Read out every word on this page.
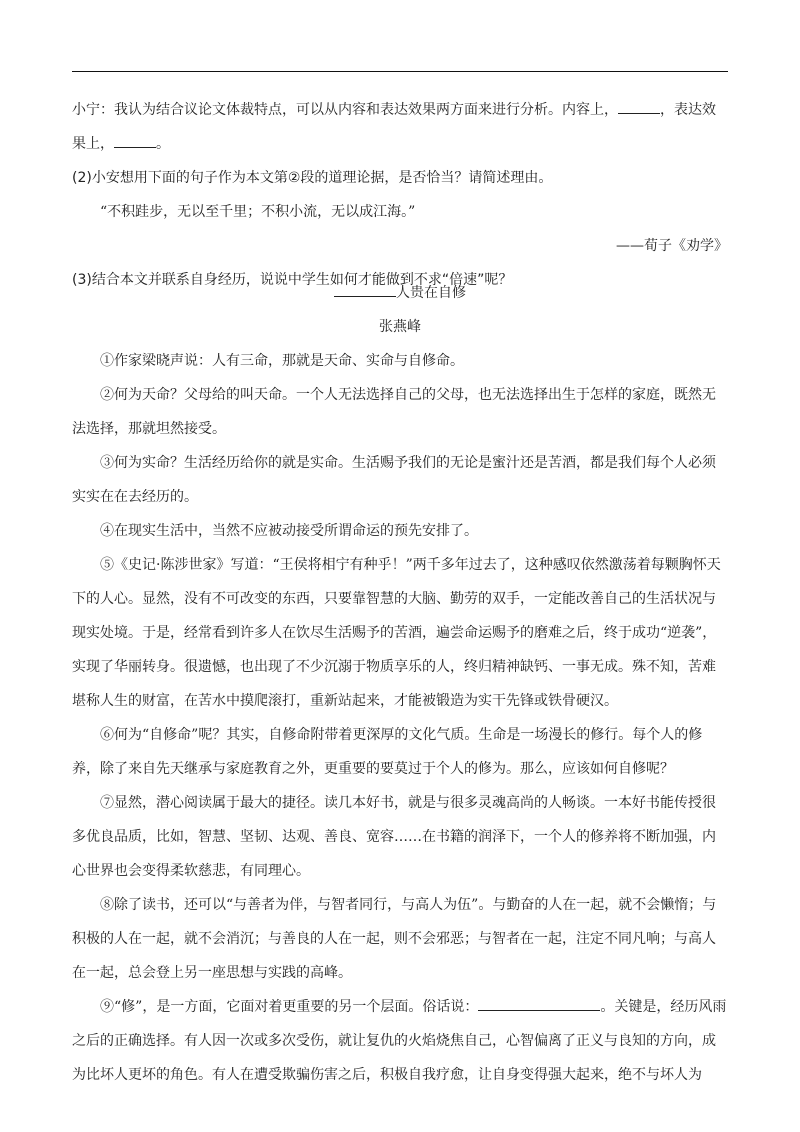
小宁：我认为结合议论文体裁特点，可以从内容和表达效果两方面来进行分析。内容上，	，表达效
果上，	。

(2)小安想用下面的句子作为本文第②段的道理论据，是否恰当？请简述理由。

“不积跬步，无以至千里；不积小流，无以成江海。”

——荀子《劝学》

(3)结合本文并联系自身经历，说说中学生如何才能做到不求“倍速”呢？

人贵在自修

张燕峰

①作家梁晓声说：人有三命，那就是天命、实命与自修命。

②何为天命？父母给的叫天命。一个人无法选择自己的父母，也无法选择出生于怎样的家庭，既然无法选择，那就坦然接受。

③何为实命？生活经历给你的就是实命。生活赐予我们的无论是蜜汁还是苦酒，都是我们每个人必须实实在在去经历的。

④在现实生活中，当然不应被动接受所谓命运的预先安排了。

⑤《史记·陈涉世家》写道：“王侯将相宁有种乎！”两千多年过去了，这种感叹依然激荡着每颗胸怀天下的人心。显然，没有不可改变的东西，只要靠智慧的大脑、勤劳的双手，一定能改善自己的生活状况与现实处境。于是，经常看到许多人在饮尽生活赐予的苦酒，遍尝命运赐予的磨难之后，终于成功“逆袭”，实现了华丽转身。很遗憾，也出现了不少沉溺于物质享乐的人，终归精神缺钙、一事无成。殊不知，苦难堪称人生的财富，在苦水中摸爬滚打，重新站起来，才能被锻造为实干先锋或铁骨硬汉。

⑥何为“自修命”呢？其实，自修命附带着更深厚的文化气质。生命是一场漫长的修行。每个人的修养，除了来自先天继承与家庭教育之外，更重要的要莫过于个人的修为。那么，应该如何自修呢？

⑦显然，潜心阅读属于最大的捷径。读几本好书，就是与很多灵魂高尚的人畅谈。一本好书能传授很多优良品质，比如，智慧、坚韧、达观、善良、宽容……在书籍的润泽下，一个人的修养将不断加强，内心世界也会变得柔软慈悲，有同理心。

⑧除了读书，还可以“与善者为伴，与智者同行，与高人为伍”。与勤奋的人在一起，就不会懒惰；与积极的人在一起，就不会消沉；与善良的人在一起，则不会邪恶；与智者在一起，注定不同凡响；与高人在一起，总会登上另一座思想与实践的高峰。

⑨“修”，是一方面，它面对着更重要的另一个层面。俗话说：	。关键是，经历风雨之后的正确选择。有人因一次或多次受伤，就让复仇的火焰烧焦自己，心智偏离了正义与良知的方向，成为比坏人更坏的角色。有人在遭受欺骗伤害之后，积极自我疗愈，让自身变得强大起来，绝不与坏人为
